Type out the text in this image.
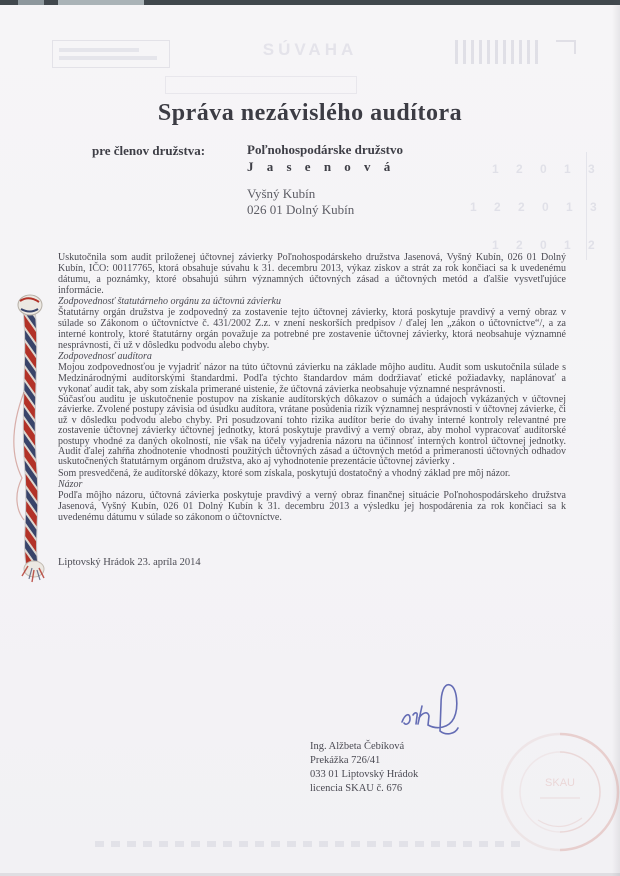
SÚVAHA
1 2 0 1 3
1 2 2 0 1 3
1 2 0 1 2
Správa nezávislého audítora
pre členov družstva:	Poľnohospodárske družstvo
J a s e n o v á
Vyšný Kubín
026 01 Dolný Kubín

Uskutočnila som audit priloženej účtovnej závierky Poľnohospodárskeho družstva Jasenová, Vyšný Kubín, 026 01 Dolný Kubín, IČO: 00117765, ktorá obsahuje súvahu k 31. decembru 2013, výkaz ziskov a strát za rok končiaci sa k uvedenému dátumu, a poznámky, ktoré obsahujú súhrn významných účtovných zásad a účtovných metód a ďalšie vysvetľujúce informácie.

Zodpovednosť štatutárneho orgánu za účtovnú závierku

Štatutárny orgán družstva je zodpovedný za zostavenie tejto účtovnej závierky, ktorá poskytuje pravdivý a verný obraz v súlade so Zákonom o účtovníctve č. 431/2002 Z.z. v znení neskorších predpisov / ďalej len „zákon o účtovníctve“/, a za interné kontroly, ktoré štatutárny orgán považuje za potrebné pre zostavenie účtovnej závierky, ktorá neobsahuje významné nesprávnosti, či už v dôsledku podvodu alebo chyby.

Zodpovednosť audítora

Mojou zodpovednosťou je vyjadriť názor na túto účtovnú závierku na základe môjho auditu. Audit som uskutočnila súlade s Medzinárodnými audítorskými štandardmi. Podľa týchto štandardov mám dodržiavať etické požiadavky, naplánovať a vykonať audit tak, aby som získala primerané uistenie, že účtovná závierka neobsahuje významné nesprávnosti.

Súčasťou auditu je uskutočnenie postupov na získanie audítorských dôkazov o sumách a údajoch vykázaných v účtovnej závierke. Zvolené postupy závisia od úsudku audítora, vrátane posúdenia rizík významnej nesprávnosti v účtovnej závierke, či už v dôsledku podvodu alebo chyby. Pri posudzovaní tohto rizika audítor berie do úvahy interné kontroly relevantné pre zostavenie účtovnej závierky účtovnej jednotky, ktorá poskytuje pravdivý a verný obraz, aby mohol vypracovať audítorské postupy vhodné za daných okolností, nie však na účely vyjadrenia názoru na účinnosť interných kontrol účtovnej jednotky. Audit ďalej zahŕňa zhodnotenie vhodnosti použitých účtovných zásad a účtovných metód a primeranosti účtovných odhadov uskutočnených štatutárnym orgánom družstva, ako aj vyhodnotenie prezentácie účtovnej závierky .

Som presvedčená, že audítorské dôkazy, ktoré som získala, poskytujú dostatočný a vhodný základ pre môj názor.

Názor

Podľa môjho názoru, účtovná závierka poskytuje pravdivý a verný obraz finančnej situácie Poľnohospodárskeho družstva Jasenová, Vyšný Kubín, 026 01 Dolný Kubín k 31. decembru 2013 a výsledku jej hospodárenia za rok končiaci sa k uvedenému dátumu v súlade so zákonom o účtovníctve.

Liptovský Hrádok 23. apríla 2014
Ing. Alžbeta Čebíková
Prekážka 726/41
033 01 Liptovský Hrádok
licencia SKAU č. 676	SKAU
